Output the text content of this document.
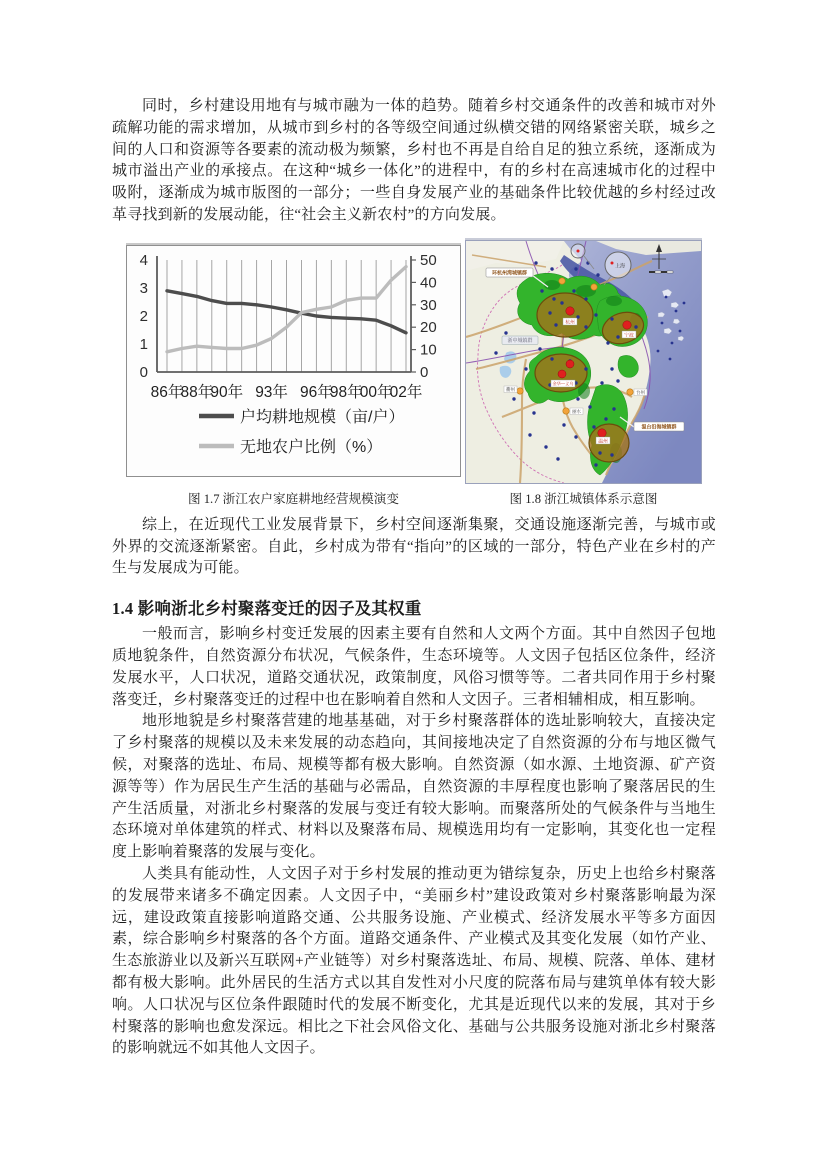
同时，乡村建设用地有与城市融为一体的趋势。随着乡村交通条件的改善和城市对外疏解功能的需求增加，从城市到乡村的各等级空间通过纵横交错的网络紧密关联，城乡之间的人口和资源等各要素的流动极为频繁，乡村也不再是自给自足的独立系统，逐渐成为城市溢出产业的承接点。在这种“城乡一体化”的进程中，有的乡村在高速城市化的过程中吸附，逐渐成为城市版图的一部分；一些自身发展产业的基础条件比较优越的乡村经过改革寻找到新的发展动能，往“社会主义新农村”的方向发展。

0
1
2
3
4
0
10
20
30
40
50
86年
88年
90年 93年 96年
98年
00年
02年
户均耕地规模（亩/户）
无地农户比例（%）
杭州
宁波
金华—义乌
温州
衢州
丽水
台州
上海
环杭州湾城镇群
浙中城镇群
温台沿海城镇群
图 1.7 浙江农户家庭耕地经营规模演变	图 1.8 浙江城镇体系示意图

综上，在近现代工业发展背景下，乡村空间逐渐集聚，交通设施逐渐完善，与城市或外界的交流逐渐紧密。自此，乡村成为带有“指向”的区域的一部分，特色产业在乡村的产生与发展成为可能。

1.4 影响浙北乡村聚落变迁的因子及其权重

一般而言，影响乡村变迁发展的因素主要有自然和人文两个方面。其中自然因子包地质地貌条件，自然资源分布状况，气候条件，生态环境等。人文因子包括区位条件，经济发展水平，人口状况，道路交通状况，政策制度，风俗习惯等等。二者共同作用于乡村聚落变迁，乡村聚落变迁的过程中也在影响着自然和人文因子。三者相辅相成，相互影响。

地形地貌是乡村聚落营建的地基基础，对于乡村聚落群体的选址影响较大，直接决定了乡村聚落的规模以及未来发展的动态趋向，其间接地决定了自然资源的分布与地区微气候，对聚落的选址、布局、规模等都有极大影响。自然资源（如水源、土地资源、矿产资源等等）作为居民生产生活的基础与必需品，自然资源的丰厚程度也影响了聚落居民的生产生活质量，对浙北乡村聚落的发展与变迁有较大影响。而聚落所处的气候条件与当地生态环境对单体建筑的样式、材料以及聚落布局、规模选用均有一定影响，其变化也一定程度上影响着聚落的发展与变化。

人类具有能动性，人文因子对于乡村发展的推动更为错综复杂，历史上也给乡村聚落的发展带来诸多不确定因素。人文因子中，“美丽乡村”建设政策对乡村聚落影响最为深远，建设政策直接影响道路交通、公共服务设施、产业模式、经济发展水平等多方面因素，综合影响乡村聚落的各个方面。道路交通条件、产业模式及其变化发展（如竹产业、生态旅游业以及新兴互联网+产业链等）对乡村聚落选址、布局、规模、院落、单体、建材都有极大影响。此外居民的生活方式以其自发性对小尺度的院落布局与建筑单体有较大影响。人口状况与区位条件跟随时代的发展不断变化，尤其是近现代以来的发展，其对于乡村聚落的影响也愈发深远。相比之下社会风俗文化、基础与公共服务设施对浙北乡村聚落的影响就远不如其他人文因子。
